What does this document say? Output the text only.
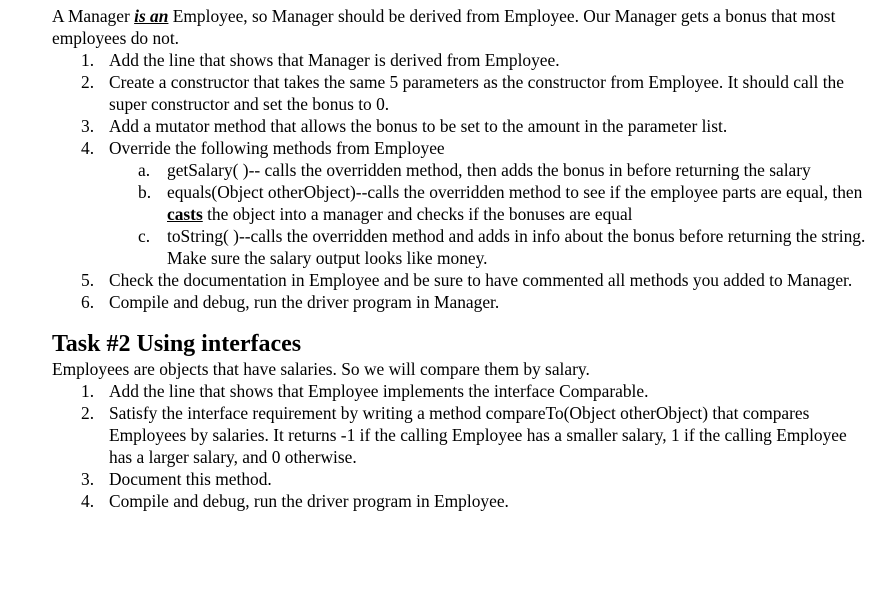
A Manager is an Employee, so Manager should be derived from Employee. Our Manager gets a bonus that most employees do not.

1. Add the line that shows that Manager is derived from Employee.
2. Create a constructor that takes the same 5 parameters as the constructor from Employee. It should call the super constructor and set the bonus to 0.
3. Add a mutator method that allows the bonus to be set to the amount in the parameter list.
4. Override the following methods from Employee
a. getSalary( )-- calls the overridden method, then adds the bonus in before returning the salary
b. equals(Object otherObject)--calls the overridden method to see if the employee parts are equal, then casts the object into a manager and checks if the bonuses are equal
c. toString( )--calls the overridden method and adds in info about the bonus before returning the string. Make sure the salary output looks like money.
5. Check the documentation in Employee and be sure to have commented all methods you added to Manager.
6. Compile and debug, run the driver program in Manager.
Task #2 Using interfaces

Employees are objects that have salaries. So we will compare them by salary.

1. Add the line that shows that Employee implements the interface Comparable.
2. Satisfy the interface requirement by writing a method compareTo(Object otherObject) that compares Employees by salaries. It returns -1 if the calling Employee has a smaller salary, 1 if the calling Employee has a larger salary, and 0 otherwise.
3. Document this method.
4. Compile and debug, run the driver program in Employee.
